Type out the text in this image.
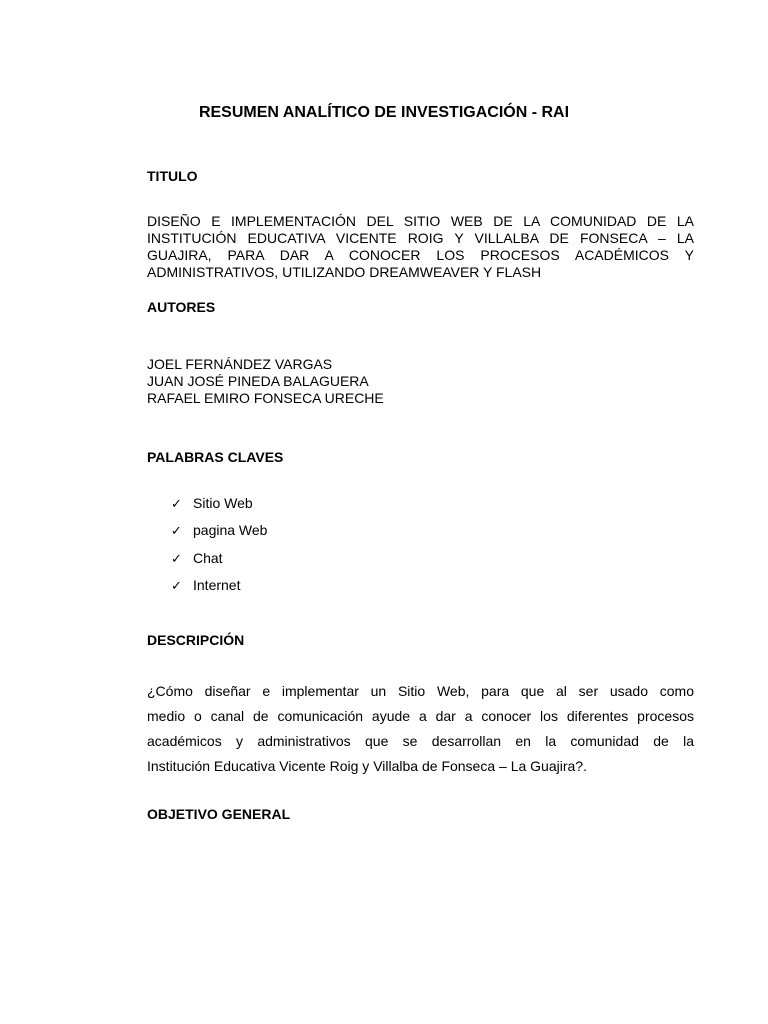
RESUMEN ANALÍTICO DE INVESTIGACIÓN - RAI
TITULO
DISEÑO E IMPLEMENTACIÓN DEL SITIO WEB DE LA COMUNIDAD DE LA
INSTITUCIÓN EDUCATIVA VICENTE ROIG Y VILLALBA DE FONSECA – LA
GUAJIRA, PARA DAR A CONOCER LOS PROCESOS ACADÉMICOS Y
ADMINISTRATIVOS, UTILIZANDO DREAMWEAVER Y FLASH
AUTORES
JOEL FERNÁNDEZ VARGAS
JUAN JOSÉ PINEDA BALAGUERA
RAFAEL EMIRO FONSECA URECHE
PALABRAS CLAVES
✓ Sitio Web
✓ pagina Web
✓ Chat
✓ Internet
DESCRIPCIÓN
¿Cómo diseñar e implementar un Sitio Web, para que al ser usado como
medio o canal de comunicación ayude a dar a conocer los diferentes procesos
académicos y administrativos que se desarrollan en la comunidad de la
Institución Educativa Vicente Roig y Villalba de Fonseca – La Guajira?.
OBJETIVO GENERAL
